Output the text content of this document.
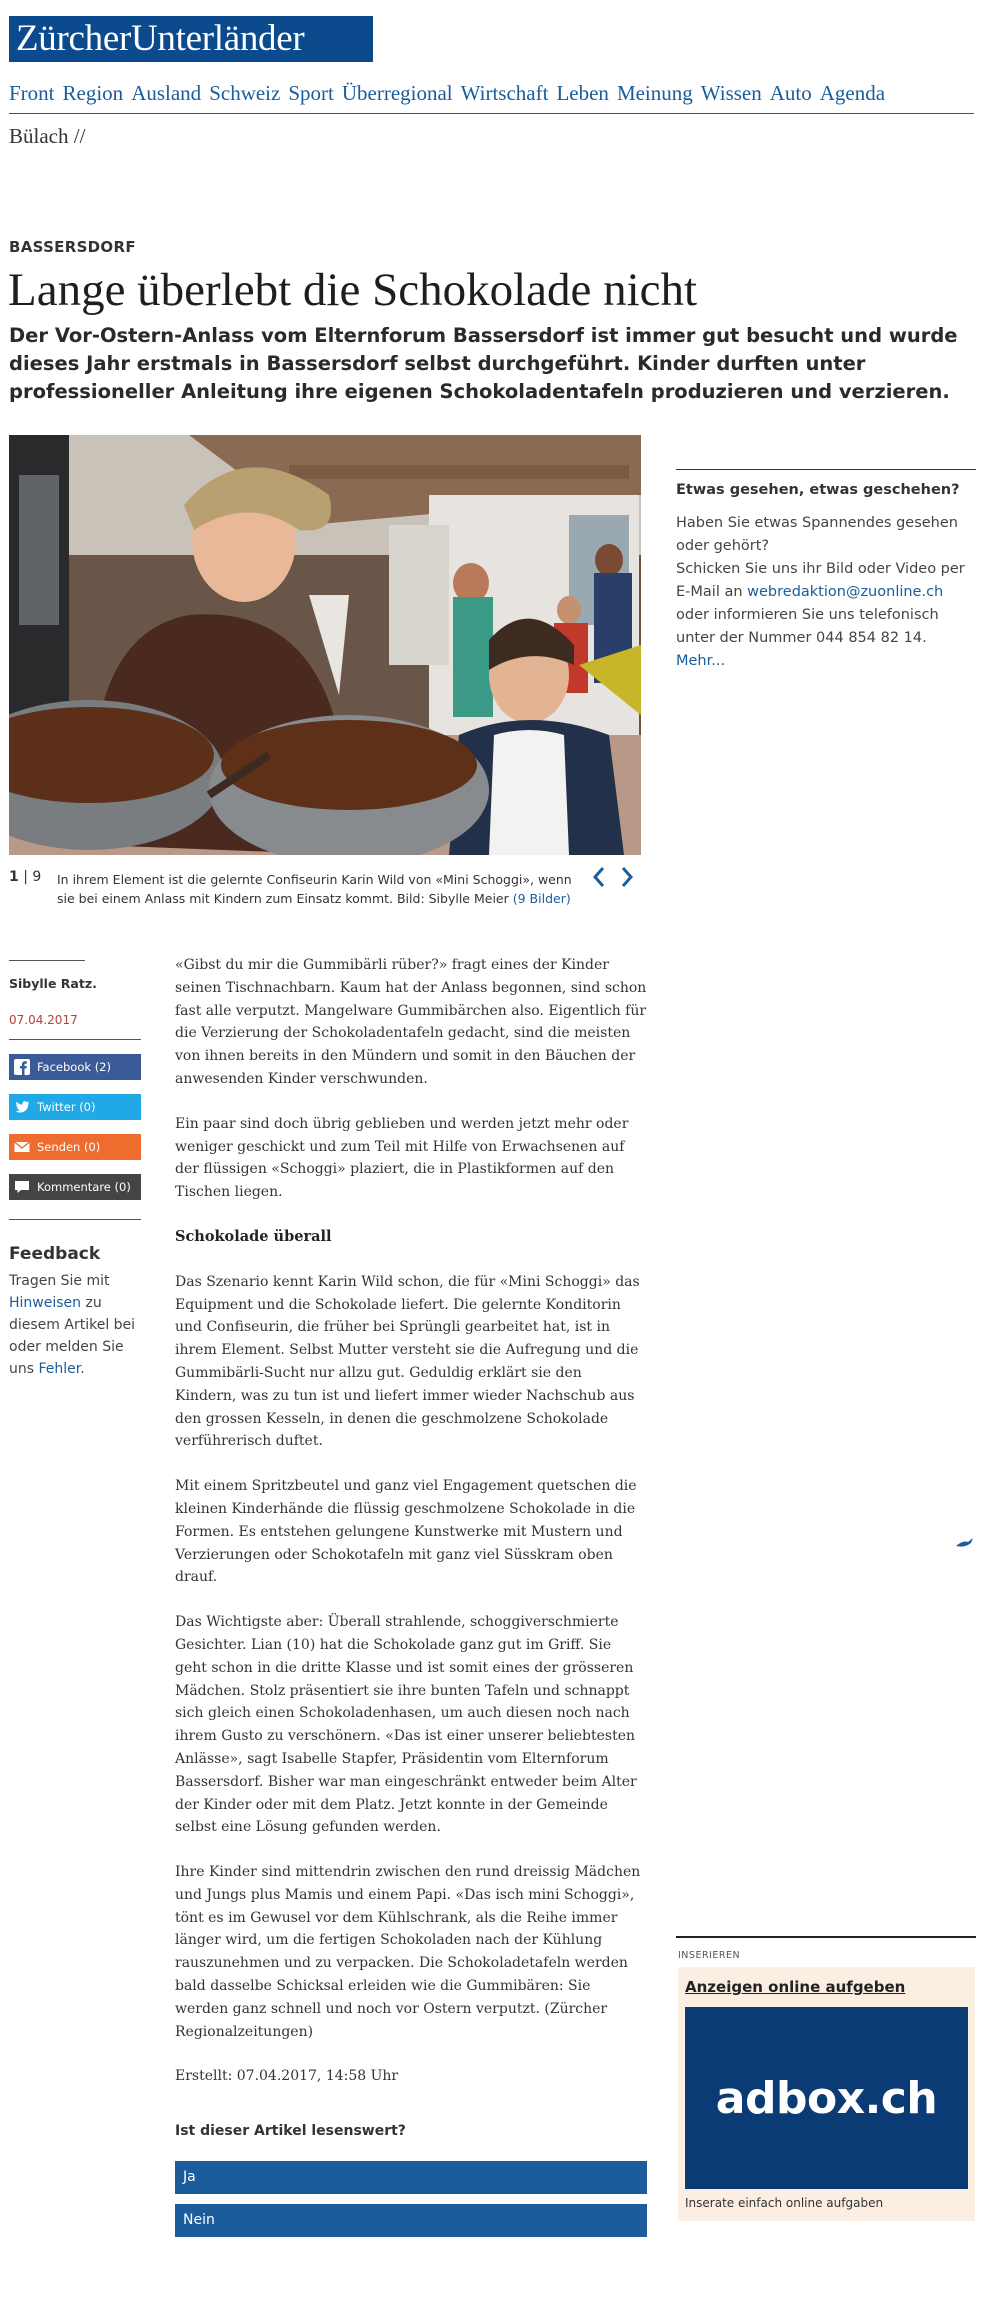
ZürcherUnterländer
Front Region Ausland Schweiz Sport Überregional Wirtschaft Leben Meinung Wissen Auto Agenda
Bülach //
BASSERSDORF
Lange überlebt die Schokolade nicht
Der Vor-Ostern-Anlass vom Elternforum Bassersdorf ist immer gut besucht und wurde dieses Jahr erstmals in Bassersdorf selbst durchgeführt. Kinder durften unter professioneller Anleitung ihre eigenen Schokoladentafeln produzieren und verzieren.
1 | 9 In ihrem Element ist die gelernte Confiseurin Karin Wild von «Mini Schoggi», wenn sie bei einem Anlass mit Kindern zum Einsatz kommt. Bild: Sibylle Meier (9 Bilder)
Etwas gesehen, etwas geschehen?

Haben Sie etwas Spannendes gesehen oder gehört?
Schicken Sie uns ihr Bild oder Video per E-Mail an webredaktion@zuonline.ch oder informieren Sie uns telefonisch unter der Nummer 044 854 82 14. Mehr...

Sibylle Ratz.
07.04.2017
Facebook (2)
Twitter (0)
Senden (0)
Kommentare (0)
Feedback
Tragen Sie mit Hinweisen zu diesem Artikel bei oder melden Sie uns Fehler.

«Gibst du mir die Gummibärli rüber?» fragt eines der Kinder seinen Tischnachbarn. Kaum hat der Anlass begonnen, sind schon fast alle verputzt. Mangelware Gummibärchen also. Eigentlich für die Verzierung der Schokoladentafeln gedacht, sind die meisten von ihnen bereits in den Mündern und somit in den Bäuchen der anwesenden Kinder verschwunden.

Ein paar sind doch übrig geblieben und werden jetzt mehr oder weniger geschickt und zum Teil mit Hilfe von Erwachsenen auf der flüssigen «Schoggi» plaziert, die in Plastikformen auf den Tischen liegen.

Schokolade überall

Das Szenario kennt Karin Wild schon, die für «Mini Schoggi» das Equipment und die Schokolade liefert. Die gelernte Konditorin und Confiseurin, die früher bei Sprüngli gearbeitet hat, ist in ihrem Element. Selbst Mutter versteht sie die Aufregung und die Gummibärli-Sucht nur allzu gut. Geduldig erklärt sie den Kindern, was zu tun ist und liefert immer wieder Nachschub aus den grossen Kesseln, in denen die geschmolzene Schokolade verführerisch duftet.

Mit einem Spritzbeutel und ganz viel Engagement quetschen die kleinen Kinderhände die flüssig geschmolzene Schokolade in die Formen. Es entstehen gelungene Kunstwerke mit Mustern und Verzierungen oder Schokotafeln mit ganz viel Süsskram oben drauf.

Das Wichtigste aber: Überall strahlende, schoggiverschmierte Gesichter. Lian (10) hat die Schokolade ganz gut im Griff. Sie geht schon in die dritte Klasse und ist somit eines der grösseren Mädchen. Stolz präsentiert sie ihre bunten Tafeln und schnappt sich gleich einen Schokoladenhasen, um auch diesen noch nach ihrem Gusto zu verschönern. «Das ist einer unserer beliebtesten Anlässe», sagt Isabelle Stapfer, Präsidentin vom Elternforum Bassersdorf. Bisher war man eingeschränkt entweder beim Alter der Kinder oder mit dem Platz. Jetzt konnte in der Gemeinde selbst eine Lösung gefunden werden.

Ihre Kinder sind mittendrin zwischen den rund dreissig Mädchen und Jungs plus Mamis und einem Papi. «Das isch mini Schoggi», tönt es im Gewusel vor dem Kühlschrank, als die Reihe immer länger wird, um die fertigen Schokoladen nach der Kühlung rauszunehmen und zu verpacken. Die Schokoladetafeln werden bald dasselbe Schicksal erleiden wie die Gummibären: Sie werden ganz schnell und noch vor Ostern verputzt. (Zürcher Regionalzeitungen)

Erstellt: 07.04.2017, 14:58 Uhr
Ist dieser Artikel lesenswert?
Ja
Nein
INSERIEREN
Anzeigen online aufgeben
adbox.ch
Inserate einfach online aufgaben
